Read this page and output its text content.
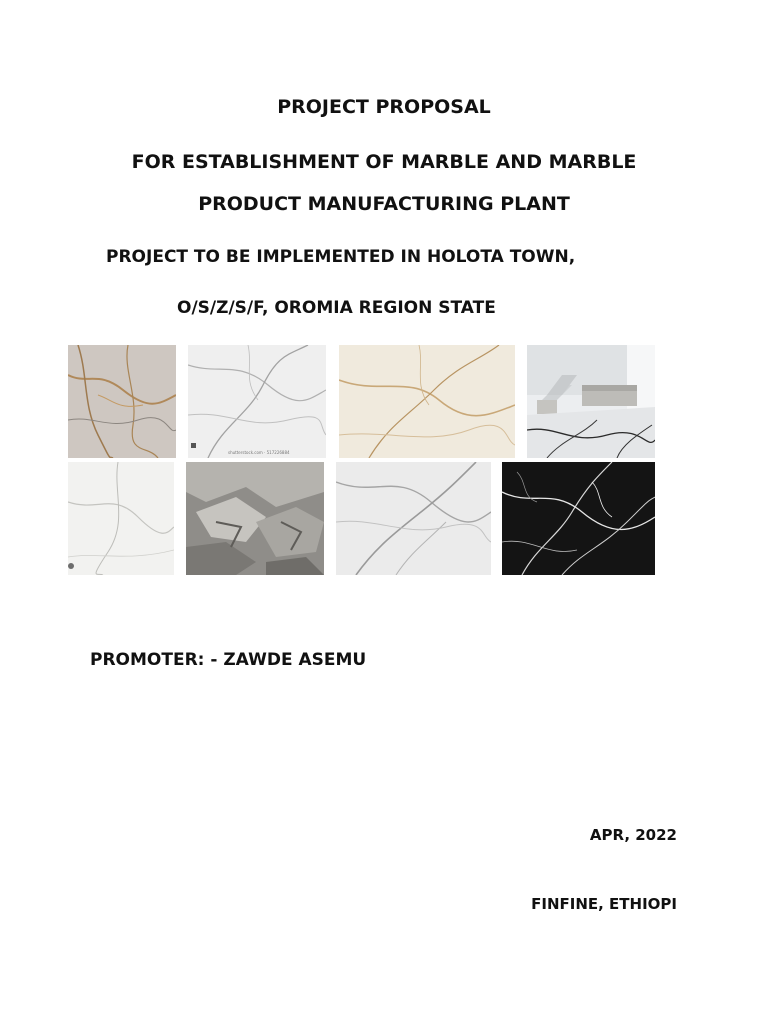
PROJECT PROPOSAL

FOR ESTABLISHMENT OF MARBLE AND MARBLE

PRODUCT MANUFACTURING PLANT

PROJECT TO BE IMPLEMENTED IN HOLOTA TOWN,

O/S/Z/S/F, OROMIA REGION STATE

shutterstock.com · 517226884

PROMOTER: - ZAWDE ASEMU

APR, 2022

FINFINE, ETHIOPI
